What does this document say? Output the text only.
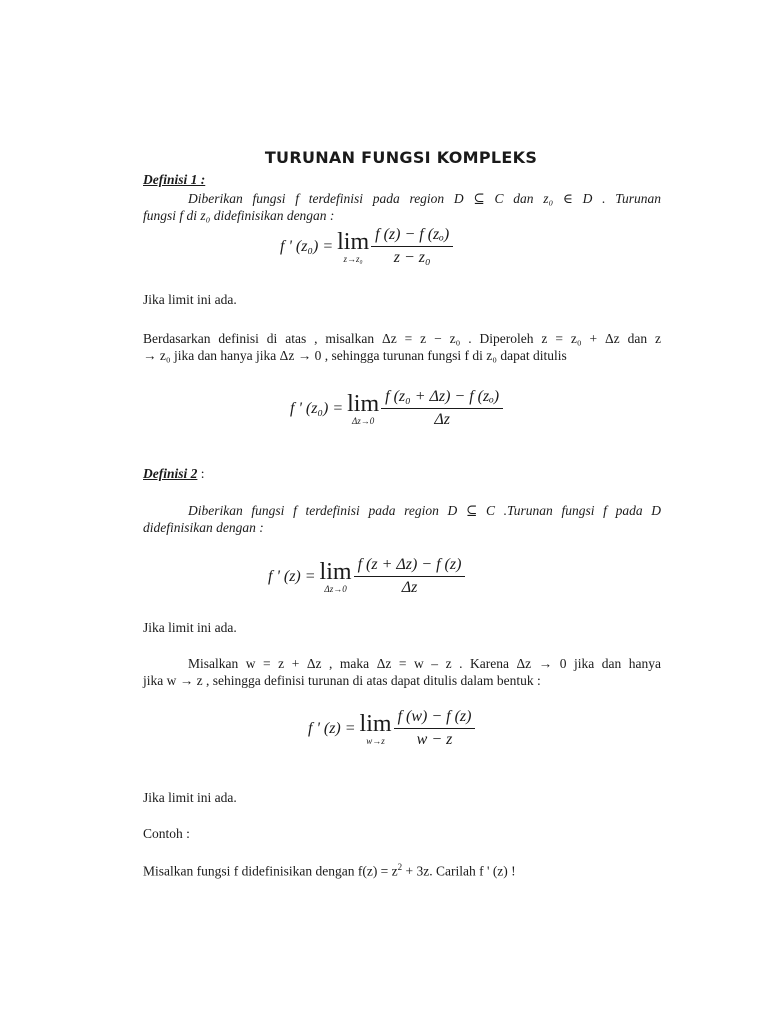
TURUNAN FUNGSI KOMPLEKS
Definisi 1 :
Diberikan fungsi f terdefinisi pada region D ⊆ C dan z₀ ∈ D . Turunan
fungsi f di z₀ didefinisikan dengan :
f ' (z₀) = lim
$z\to z_0 \frac{\text{f (z) − f (zₒ)}}{\text{z − z₀}}$
Jika limit ini ada.
Berdasarkan definisi di atas , misalkan Δz = z − z₀ . Diperoleh z = z₀ + Δz dan z
→ z₀ jika dan hanya jika Δz → 0 , sehingga turunan fungsi f di z₀ dapat ditulis
f ' (z₀) = lim
$\Delta z\to 0 \frac{\text{f (z₀ + Δz) − f (zₒ)}}{\Delta z}$
Definisi 2 :
Diberikan fungsi f terdefinisi pada region D ⊆ C .Turunan fungsi f pada D
didefinisikan dengan :
f ' (z) = lim
$\Delta z\to 0 \frac{f (z + \Delta z) - f (z)}{\Delta z}$
Jika limit ini ada.
Misalkan w = z + Δz , maka Δz = w – z . Karena Δz → 0 jika dan hanya
jika w → z , sehingga definisi turunan di atas dapat ditulis dalam bentuk :
f ' (z) = lim
$w\to z \frac{f (w) - f (z)}{w - z}$
Jika limit ini ada.
Contoh :
Misalkan fungsi f didefinisikan dengan $f(z) = z^2 + 3z$. Carilah f ' (z) !
